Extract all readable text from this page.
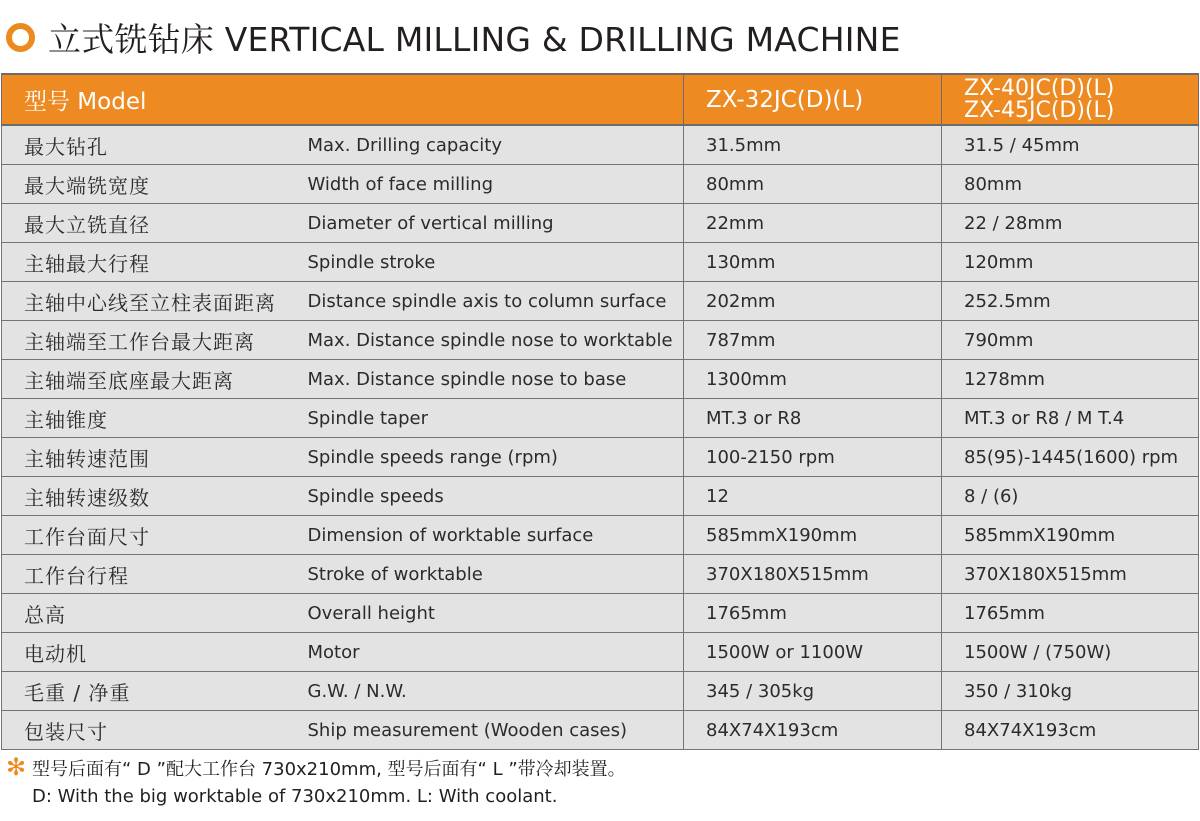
立式铣钻床 VERTICAL MILLING & DRILLING MACHINE
型号 Model		ZX-32JC(D)(L)	ZX-40JC(D)(L)
ZX-45JC(D)(L)

最大钻孔	Max. Drilling capacity	31.5mm	31.5 / 45mm
最大端铣宽度	Width of face milling	80mm	80mm
最大立铣直径	Diameter of vertical milling	22mm	22 / 28mm
主轴最大行程	Spindle stroke	130mm	120mm
主轴中心线至立柱表面距离	Distance spindle axis to column surface	202mm	252.5mm
主轴端至工作台最大距离	Max. Distance spindle nose to worktable	787mm	790mm
主轴端至底座最大距离	Max. Distance spindle nose to base	1300mm	1278mm
主轴锥度	Spindle taper	MT.3 or R8	MT.3 or R8 / M T.4
主轴转速范围	Spindle speeds range (rpm)	100-2150 rpm	85(95)-1445(1600) rpm
主轴转速级数	Spindle speeds	12	8 / (6)
工作台面尺寸	Dimension of worktable surface	585mmX190mm	585mmX190mm
工作台行程	Stroke of worktable	370X180X515mm	370X180X515mm
总高	Overall height	1765mm	1765mm
电动机	Motor	1500W or 1100W	1500W / (750W)
毛重 / 净重	G.W. / N.W.	345 / 305kg	350 / 310kg
包装尺寸	Ship measurement (Wooden cases)	84X74X193cm	84X74X193cm
✻ 型号后面有“ D ”配大工作台 730x210mm, 型号后面有“ L ”带冷却装置。
D: With the big worktable of 730x210mm. L: With coolant.
